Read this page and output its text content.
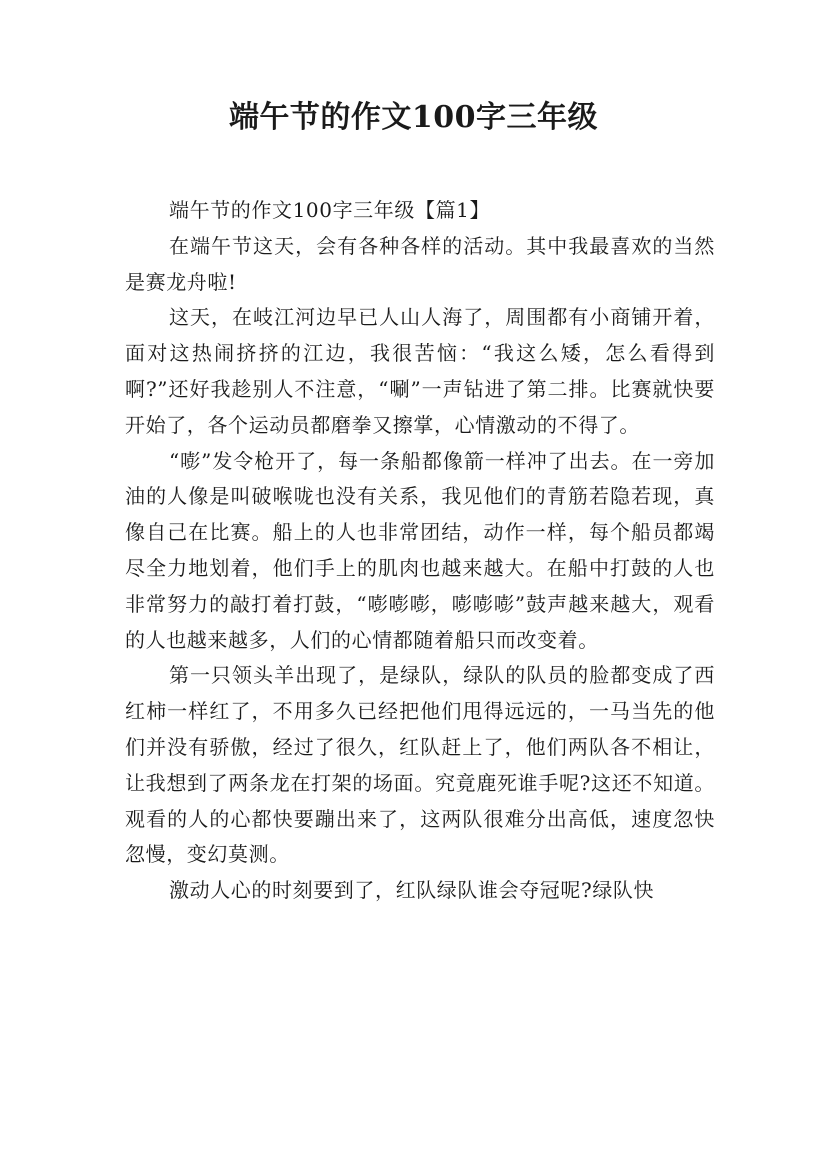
端午节的作文100字三年级

端午节的作文100字三年级【篇1】

在端午节这天，会有各种各样的活动。其中我最喜欢的当然是赛龙舟啦!

这天，在岐江河边早已人山人海了，周围都有小商铺开着，面对这热闹挤挤的江边，我很苦恼：“我这么矮，怎么看得到啊?”还好我趁别人不注意，“唰”一声钻进了第二排。比赛就快要开始了，各个运动员都磨拳又擦掌，心情激动的不得了。

“嘭”发令枪开了，每一条船都像箭一样冲了出去。在一旁加油的人像是叫破喉咙也没有关系，我见他们的青筋若隐若现，真像自己在比赛。船上的人也非常团结，动作一样，每个船员都竭尽全力地划着，他们手上的肌肉也越来越大。在船中打鼓的人也非常努力的敲打着打鼓，“嘭嘭嘭，嘭嘭嘭”鼓声越来越大，观看的人也越来越多，人们的心情都随着船只而改变着。

第一只领头羊出现了，是绿队，绿队的队员的脸都变成了西红柿一样红了，不用多久已经把他们甩得远远的，一马当先的他们并没有骄傲，经过了很久，红队赶上了，他们两队各不相让，让我想到了两条龙在打架的场面。究竟鹿死谁手呢?这还不知道。观看的人的心都快要蹦出来了，这两队很难分出高低，速度忽快忽慢，变幻莫测。

激动人心的时刻要到了，红队绿队谁会夺冠呢?绿队快
